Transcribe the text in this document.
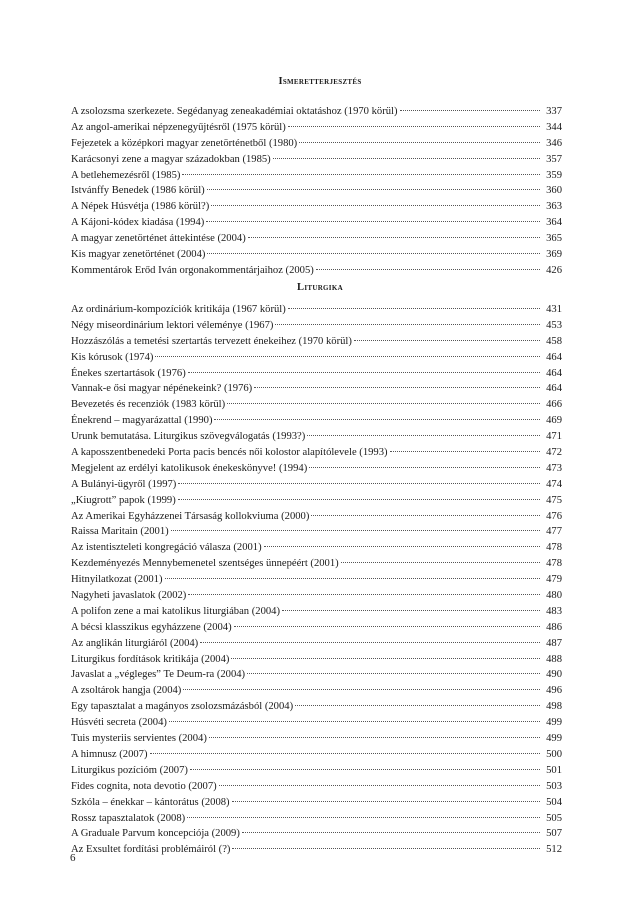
Ismeretterjesztés
A zsolozsma szerkezete. Segédanyag zeneakadémiai oktatáshoz (1970 körül)	337
Az angol-amerikai népzenegyűjtésről (1975 körül)	344
Fejezetek a középkori magyar zenetörténetből (1980)	346
Karácsonyi zene a magyar századokban (1985)	357
A betlehemezésről (1985)	359
Istvánffy Benedek (1986 körül)	360
A Népek Húsvétja (1986 körül?)	363
A Kájoni-kódex kiadása (1994)	364
A magyar zenetörténet áttekintése (2004)	365
Kis magyar zenetörténet (2004)	369
Kommentárok Erőd Iván orgonakommentárjaihoz (2005)	426
Liturgika
Az ordinárium-kompozíciók kritikája (1967 körül)	431
Négy miseordinárium lektori véleménye (1967)	453
Hozzászólás a temetési szertartás tervezett énekeihez (1970 körül)	458
Kis kórusok (1974)	464
Énekes szertartások (1976)	464
Vannak-e ősi magyar népénekeink? (1976)	464
Bevezetés és recenziók (1983 körül)	466
Énekrend – magyarázattal (1990)	469
Urunk bemutatása. Liturgikus szövegválogatás (1993?)	471
A kaposszentbenedeki Porta pacis bencés női kolostor alapítólevele (1993)	472
Megjelent az erdélyi katolikusok énekeskönyve! (1994)	473
A Bulányi-ügyről (1997)	474
„Kiugrott” papok (1999)	475
Az Amerikai Egyházzenei Társaság kollokviuma (2000)	476
Raissa Maritain (2001)	477
Az istentiszteleti kongregáció válasza (2001)	478
Kezdeményezés Mennybemenetel szentséges ünnepéért (2001)	478
Hitnyilatkozat (2001)	479
Nagyheti javaslatok (2002)	480
A polifon zene a mai katolikus liturgiában (2004)	483
A bécsi klasszikus egyházzene (2004)	486
Az anglikán liturgiáról (2004)	487
Liturgikus fordítások kritikája (2004)	488
Javaslat a „végleges” Te Deum-ra (2004)	490
A zsoltárok hangja (2004)	496
Egy tapasztalat a magányos zsolozsmázásból (2004)	498
Húsvéti secreta (2004)	499
Tuis mysteriis servientes (2004)	499
A himnusz (2007)	500
Liturgikus pozícióm (2007)	501
Fides cognita, nota devotio (2007)	503
Szkóla – énekkar – kántorátus (2008)	504
Rossz tapasztalatok (2008)	505
A Graduale Parvum koncepciója (2009)	507
Az Exsultet fordítási problémáiról (?)	512
6
